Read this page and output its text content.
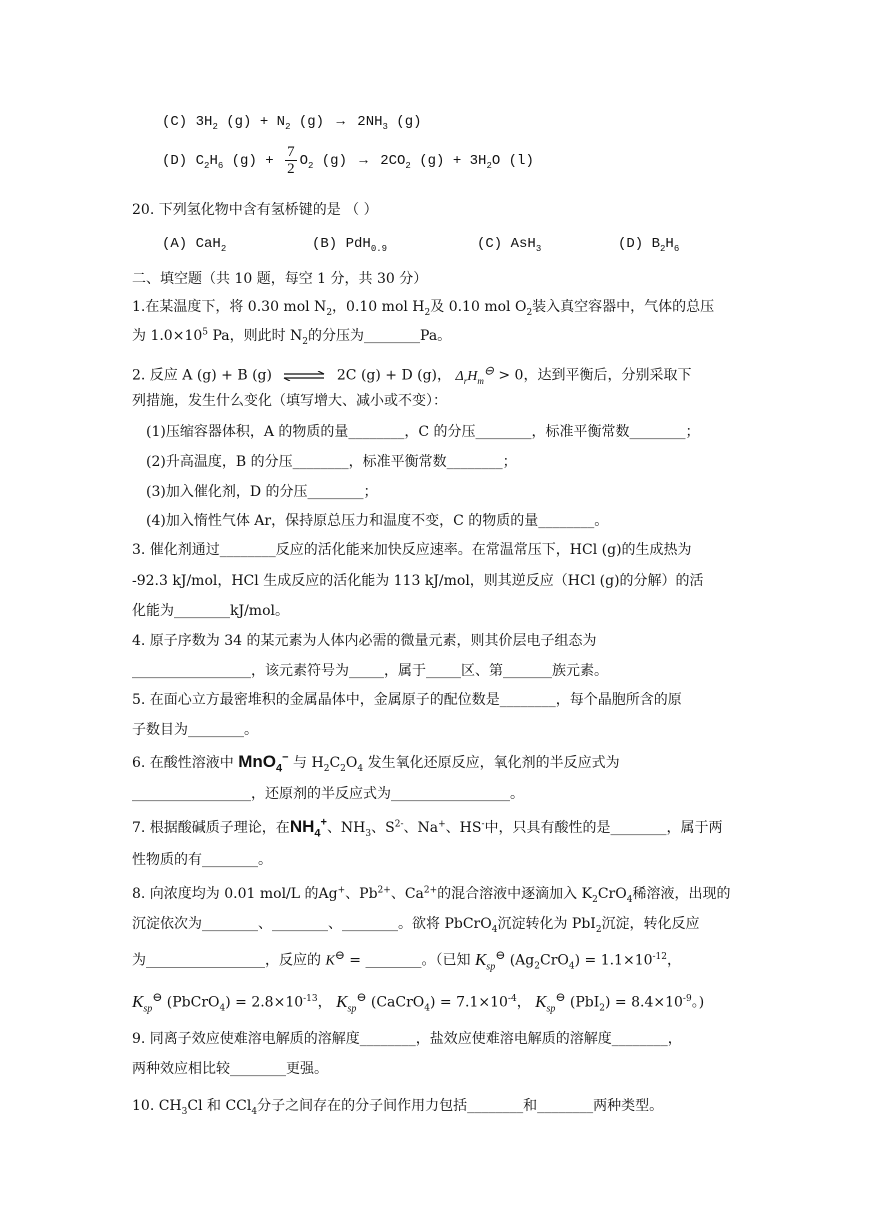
(C) $3H_2$ $(g) + N_2$ $(g) \to 2NH_3$ (g)
(D) $C_2H_6$ $(g) + \frac{7}{2} O_2$ $(g) \to 2CO_2$ $(g) + 3H_2O$ (l)
20. 下列氢化物中含有氢桥键的是 （ ）
(A) CaH$_2$	(B) PdH$_{0.9}$	(C) AsH$_3$	(D) $B_2H_6$
二、填空题（共 10 题，每空 1 分，共 30 分）
1.在某温度下，将 0.30 mol $N_2$，0.10 mol $H_2$及 0.10 mol $O_2$装入真空容器中，气体的总压
为 $1.0\times 10^5$ Pa，则此时 $N_2$的分压为________Pa。
2. 反应 A (g) + B (g) ⇌ 2C (g) + D (g)， $\Delta_rH_m⊖ > 0$，达到平衡后，分别采取下
列措施，发生什么变化（填写增大、减小或不变）：
(1)压缩容器体积，A 的物质的量________，C 的分压________，标准平衡常数________；
(2)升高温度，B 的分压________，标准平衡常数________；
(3)加入催化剂，D 的分压________；
(4)加入惰性气体 Ar，保持原总压力和温度不变，C 的物质的量________。
3. 催化剂通过________反应的活化能来加快反应速率。在常温常压下，HCl (g)的生成热为
-92.3 kJ/mol，HCl 生成反应的活化能为 113 kJ/mol，则其逆反应（HCl (g)的分解）的活
化能为________kJ/mol。
4. 原子序数为 34 的某元素为人体内必需的微量元素，则其价层电子组态为
_________________，该元素符号为_____，属于_____区、第_______族元素。
5. 在面心立方最密堆积的金属晶体中，金属原子的配位数是________，每个晶胞所含的原
子数目为________。
6. 在酸性溶液中 MnO$_4$− 与 $H_2C_2O_4$ 发生氧化还原反应，氧化剂的半反应式为
_________________，还原剂的半反应式为_________________。
7. 根据酸碱质子理论，在$NH_4^+$、$NH_3$、$S^{2-}$、Na+、HS-中，只具有酸性的是________，属于两
性物质的有________。
8. 向浓度均为 0.01 mol/L 的Ag+、$Pb^{2+}$、$Ca^{2+}$的混合溶液中逐滴加入 $K_2CrO_4$稀溶液，出现的
沉淀依次为________、________、________。欲将 PbCrO$_4$沉淀转化为 PbI$_2$沉淀，转化反应
为_________________，反应的 K⊖ = ________。（已知 $K_{sp}⊖$ $(Ag_2CrO_4) = 1.1\times 10^{-12}$，
$K_{sp}⊖$ (PbCrO$_4$) = $2.8\times 10^{-13}$， $K_{sp}⊖$ (CaCrO$_4$) = $7.1\times 10^{-4}$， $K_{sp}⊖$ $(PbI_2) = 8.4\times 10^{-9}$。)
9. 同离子效应使难溶电解质的溶解度________，盐效应使难溶电解质的溶解度________，
两种效应相比较________更强。
10. $CH_3Cl$ 和 CCl$_4$分子之间存在的分子间作用力包括________和________两种类型。
